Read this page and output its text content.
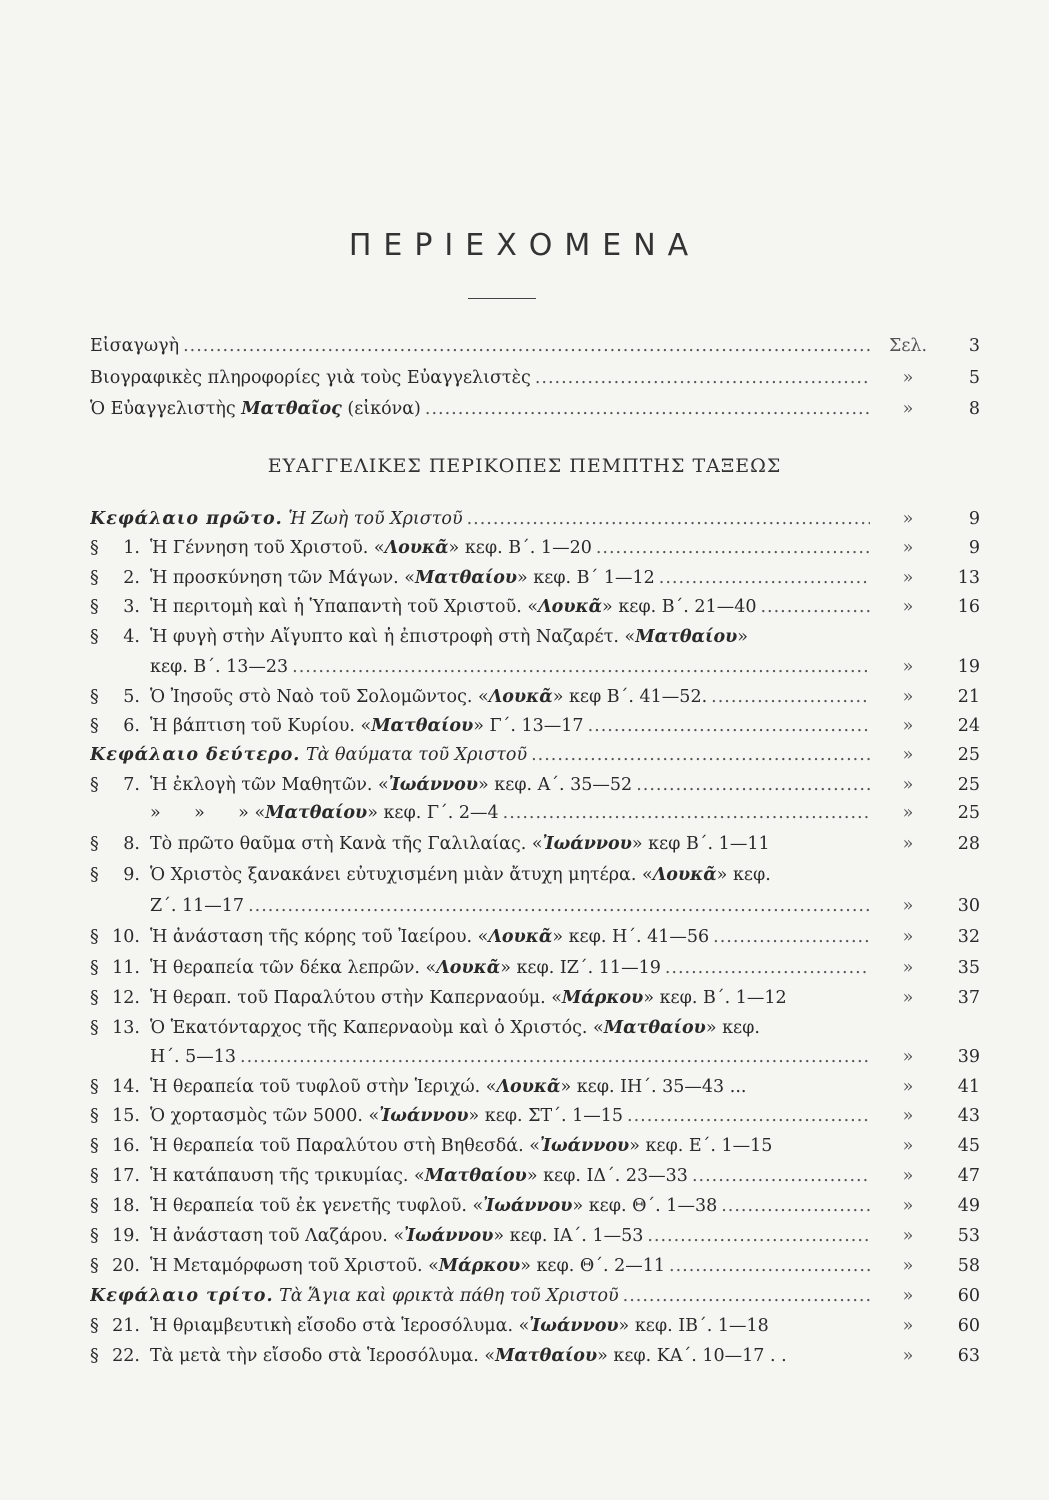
ΠΕΡΙΕΧΟΜΕΝΑ
Εἰσαγωγὴ .....	Σελ.	3
Βιογραφικὲς πληροφορίες γιὰ τοὺς Εὐαγγελιστὲς .....	»	5
Ὁ Εὐαγγελιστὴς Ματθαῖος (εἰκόνα) .....	»	8
ΕΥΑΓΓΕΛΙΚΕΣ ΠΕΡΙΚΟΠΕΣ ΠΕΜΠΤΗΣ ΤΑΞΕΩΣ
Κεφάλαιο πρῶτο. Ἡ Ζωὴ τοῦ Χριστοῦ .....	»	9
§ 1. Ἡ Γέννηση τοῦ Χριστοῦ. «Λουκᾶ» κεφ. Β΄. 1—20 .....	»	9
§ 2. Ἡ προσκύνηση τῶν Μάγων. «Ματθαίου» κεφ. Β΄ 1—12 .....	»	13
§ 3. Ἡ περιτομὴ καὶ ἡ Ὑπαπαντὴ τοῦ Χριστοῦ. «Λουκᾶ» κεφ. Β΄. 21—40 .....	»	16
§ 4. Ἡ φυγὴ στὴν Αἴγυπτο καὶ ἡ ἐπιστροφὴ στὴ Ναζαρέτ. «Ματθαίου»
κεφ. Β΄. 13—23 .....	»	19
§ 5. Ὁ Ἰησοῦς στὸ Ναὸ τοῦ Σολομῶντος. «Λουκᾶ» κεφ Β΄. 41—52. .....	»	21
§ 6. Ἡ βάπτιση τοῦ Κυρίου. «Ματθαίου» Γ΄. 13—17 .....	»	24
Κεφάλαιο δεύτερο. Τὰ θαύματα τοῦ Χριστοῦ .....	»	25
§ 7. Ἡ ἐκλογὴ τῶν Μαθητῶν. «Ἰωάννου» κεφ. Α΄. 35—52 .....	»	25
»      »      » «Ματθαίου» κεφ. Γ΄. 2—4 .....	»	25
§ 8. Τὸ πρῶτο θαῦμα στὴ Κανὰ τῆς Γαλιλαίας. «Ἰωάννου» κεφ Β΄. 1—11	»	28
§ 9. Ὁ Χριστὸς ξανακάνει εὐτυχισμένη μιὰν ἄτυχη μητέρα. «Λουκᾶ» κεφ.
Ζ΄. 11—17 .....	»	30
§ 10. Ἡ ἀνάσταση τῆς κόρης τοῦ Ἰαείρου. «Λουκᾶ» κεφ. Η΄. 41—56 .....	»	32
§ 11. Ἡ θεραπεία τῶν δέκα λεπρῶν. «Λουκᾶ» κεφ. ΙΖ΄. 11—19 .....	»	35
§ 12. Ἡ θεραπ. τοῦ Παραλύτου στὴν Καπερναούμ. «Μάρκου» κεφ. Β΄. 1—12	»	37
§ 13. Ὁ Ἑκατόνταρχος τῆς Καπερναοὺμ καὶ ὁ Χριστός. «Ματθαίου» κεφ.
Η΄. 5—13 .....	»	39
§ 14. Ἡ θεραπεία τοῦ τυφλοῦ στὴν Ἱεριχώ. «Λουκᾶ» κεφ. ΙΗ΄. 35—43 ...	»	41
§ 15. Ὁ χορτασμὸς τῶν 5000. «Ἰωάννου» κεφ. ΣΤ΄. 1—15 .....	»	43
§ 16. Ἡ θεραπεία τοῦ Παραλύτου στὴ Βηθεσδά. «Ἰωάννου» κεφ. Ε΄. 1—15	»	45
§ 17. Ἡ κατάπαυση τῆς τρικυμίας. «Ματθαίου» κεφ. ΙΔ΄. 23—33 .....	»	47
§ 18. Ἡ θεραπεία τοῦ ἐκ γενετῆς τυφλοῦ. «Ἰωάννου» κεφ. Θ΄. 1—38 .....	»	49
§ 19. Ἡ ἀνάσταση τοῦ Λαζάρου. «Ἰωάννου» κεφ. ΙΑ΄. 1—53 .....	»	53
§ 20. Ἡ Μεταμόρφωση τοῦ Χριστοῦ. «Μάρκου» κεφ. Θ΄. 2—11 .....	»	58
Κεφάλαιο τρίτο. Τὰ Ἅγια καὶ φρικτὰ πάθη τοῦ Χριστοῦ .....	»	60
§ 21. Ἡ θριαμβευτικὴ εἴσοδο στὰ Ἱεροσόλυμα. «Ἰωάννου» κεφ. ΙΒ΄. 1—18	»	60
§ 22. Τὰ μετὰ τὴν εἴσοδο στὰ Ἱεροσόλυμα. «Ματθαίου» κεφ. ΚΑ΄. 10—17 . .	»	63
